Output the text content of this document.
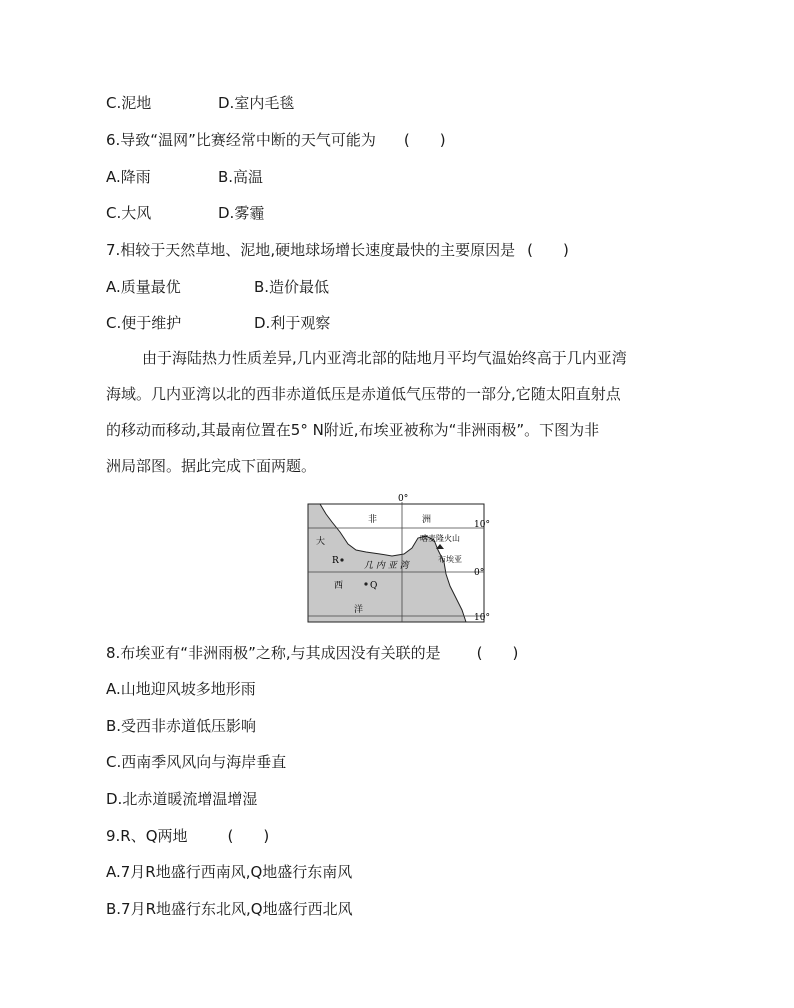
C.泥地	D.室内毛毯
6.导致“温网”比赛经常中断的天气可能为 (　　)
A.降雨	B.高温
C.大风	D.雾霾
7.相较于天然草地、泥地,硬地球场增长速度最快的主要原因是 (　　)
A.质量最优	B.造价最低
C.便于维护	D.利于观察
由于海陆热力性质差异,几内亚湾北部的陆地月平均气温始终高于几内亚湾
海域。几内亚湾以北的西非赤道低压是赤道低气压带的一部分,它随太阳直射点
的移动而移动,其最南位置在5° N附近,布埃亚被称为“非洲雨极”。下图为非
洲局部图。据此完成下面两题。
0°
10°
0°
10°
非	洲
大
西
洋
几 内 亚 湾
R
Q
喀麦隆火山
布埃亚
8.布埃亚有“非洲雨极”之称,与其成因没有关联的是 (　　)
A.山地迎风坡多地形雨
B.受西非赤道低压影响
C.西南季风风向与海岸垂直
D.北赤道暖流增温增湿
9.R、Q两地	(　　)
A.7月R地盛行西南风,Q地盛行东南风
B.7月R地盛行东北风,Q地盛行西北风
